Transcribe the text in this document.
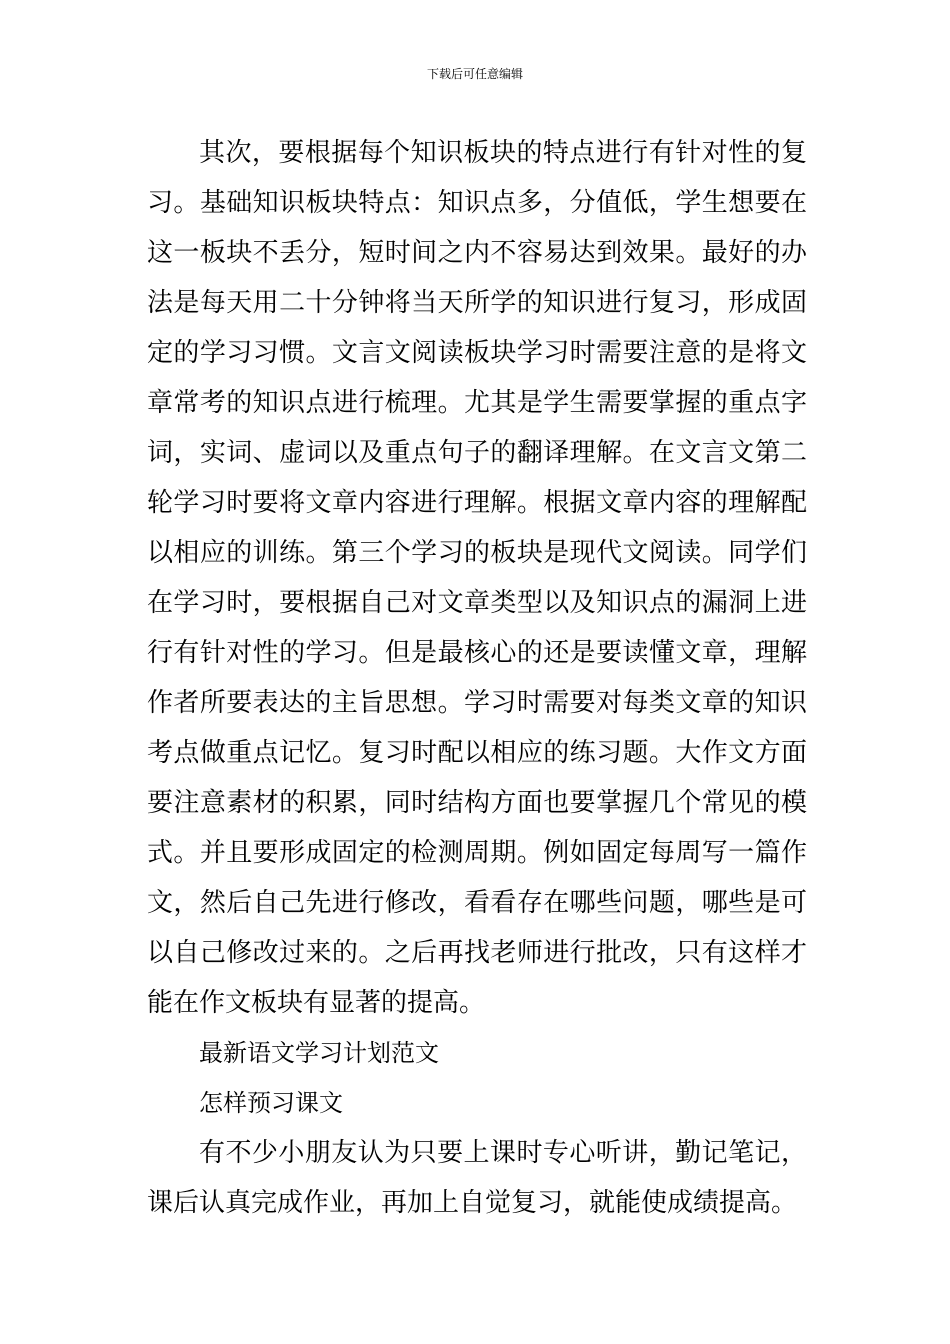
下载后可任意编辑

其次，要根据每个知识板块的特点进行有针对性的复习。基础知识板块特点：知识点多，分值低，学生想要在这一板块不丢分，短时间之内不容易达到效果。最好的办法是每天用二十分钟将当天所学的知识进行复习，形成固定的学习习惯。文言文阅读板块学习时需要注意的是将文章常考的知识点进行梳理。尤其是学生需要掌握的重点字词，实词、虚词以及重点句子的翻译理解。在文言文第二轮学习时要将文章内容进行理解。根据文章内容的理解配以相应的训练。第三个学习的板块是现代文阅读。同学们在学习时，要根据自己对文章类型以及知识点的漏洞上进行有针对性的学习。但是最核心的还是要读懂文章，理解作者所要表达的主旨思想。学习时需要对每类文章的知识考点做重点记忆。复习时配以相应的练习题。大作文方面要注意素材的积累，同时结构方面也要掌握几个常见的模式。并且要形成固定的检测周期。例如固定每周写一篇作文，然后自己先进行修改，看看存在哪些问题，哪些是可以自己修改过来的。之后再找老师进行批改，只有这样才能在作文板块有显著的提高。

最新语文学习计划范文

怎样预习课文

有不少小朋友认为只要上课时专心听讲，勤记笔记，课后认真完成作业，再加上自觉复习，就能使成绩提高。
